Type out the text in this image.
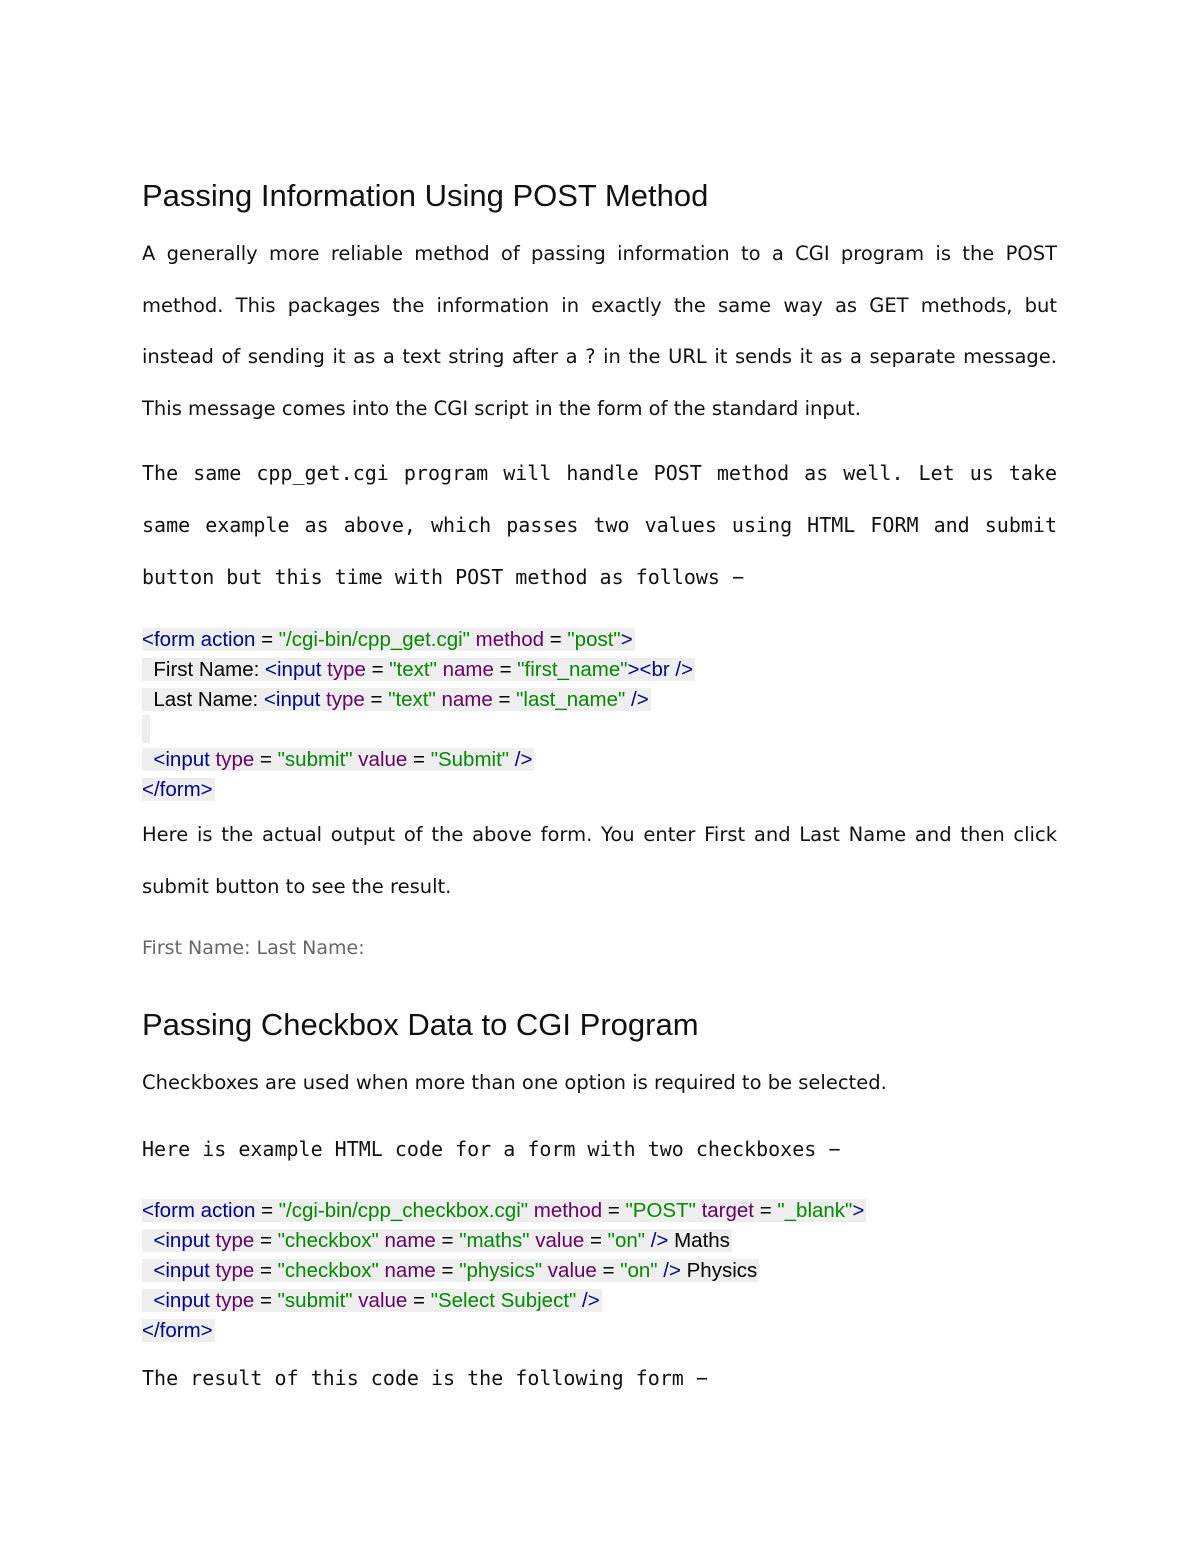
Passing Information Using POST Method

A generally more reliable method of passing information to a CGI program is the POST method. This packages the information in exactly the same way as GET methods, but instead of sending it as a text string after a ? in the URL it sends it as a separate message. This message comes into the CGI script in the form of the standard input.

The same cpp_get.cgi program will handle POST method as well. Let us take same example as above, which passes two values using HTML FORM and submit button but this time with POST method as follows −

<form action = "/cgi-bin/cpp_get.cgi" method = "post">
First Name: <input type = "text" name = "first_name"><br />
Last Name: <input type = "text" name = "last_name" />
<input type = "submit" value = "Submit" />
</form>

Here is the actual output of the above form. You enter First and Last Name and then click submit button to see the result.

First Name: Last Name:
Passing Checkbox Data to CGI Program

Checkboxes are used when more than one option is required to be selected.

Here is example HTML code for a form with two checkboxes −

<form action = "/cgi-bin/cpp_checkbox.cgi" method = "POST" target = "_blank">
<input type = "checkbox" name = "maths" value = "on" /> Maths
<input type = "checkbox" name = "physics" value = "on" /> Physics
<input type = "submit" value = "Select Subject" />
</form>

The result of this code is the following form −
